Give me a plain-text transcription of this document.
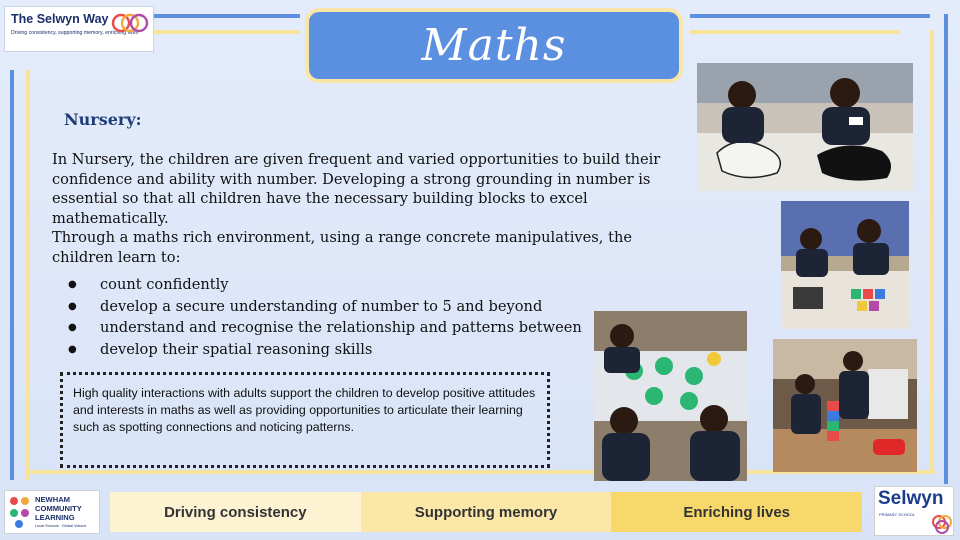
The Selwyn Way
Driving consistency, supporting memory, enriching lives	Maths
Nursery:

In Nursery, the children are given frequent and varied opportunities to build their confidence and ability with number. Developing a strong grounding in number is essential so that all children have the necessary building blocks to excel mathematically.

Through a maths rich environment, using a range concrete manipulatives, the children learn to:

● count confidently
● develop a secure understanding of number to 5 and beyond
● understand and recognise the relationship and patterns between
● develop their spatial reasoning skills
High quality interactions with adults support the children to develop positive attitudes and interests in maths as well as providing opportunities to articulate their learning such as spotting connections and noticing patterns.
NEWHAM
COMMUNITY
LEARNING
Local Schools · Global Visions
Driving consistency	Supporting memory	Enriching lives
Selwyn
PRIMARY SCHOOL
